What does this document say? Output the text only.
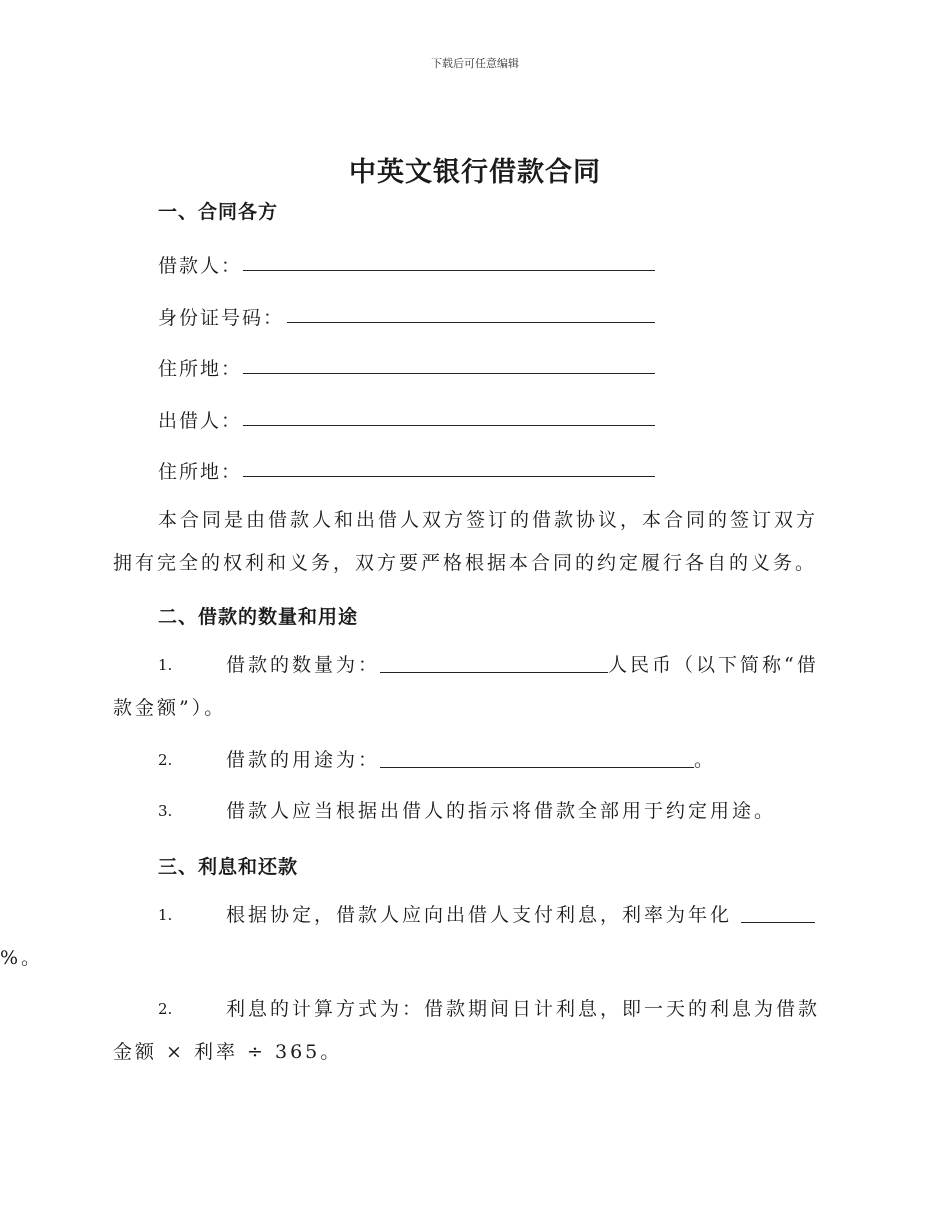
下载后可任意编辑
中英文银行借款合同
一、合同各方
借款人：
身份证号码：
住所地：
出借人：
住所地：
本合同是由借款人和出借人双方签订的借款协议，本合同的签订双方拥有完全的权利和义务，双方要严格根据本合同的约定履行各自的义务。
二、借款的数量和用途
1.	借款的数量为：	人民币（以下简称“借款金额”）。
2.	借款的用途为：	。
3.	借款人应当根据出借人的指示将借款全部用于约定用途。
三、利息和还款
1.	根据协定，借款人应向出借人支付利息，利率为年化
%。
2.	利息的计算方式为：借款期间日计利息，即一天的利息为借款金额 × 利率 ÷ 365。
